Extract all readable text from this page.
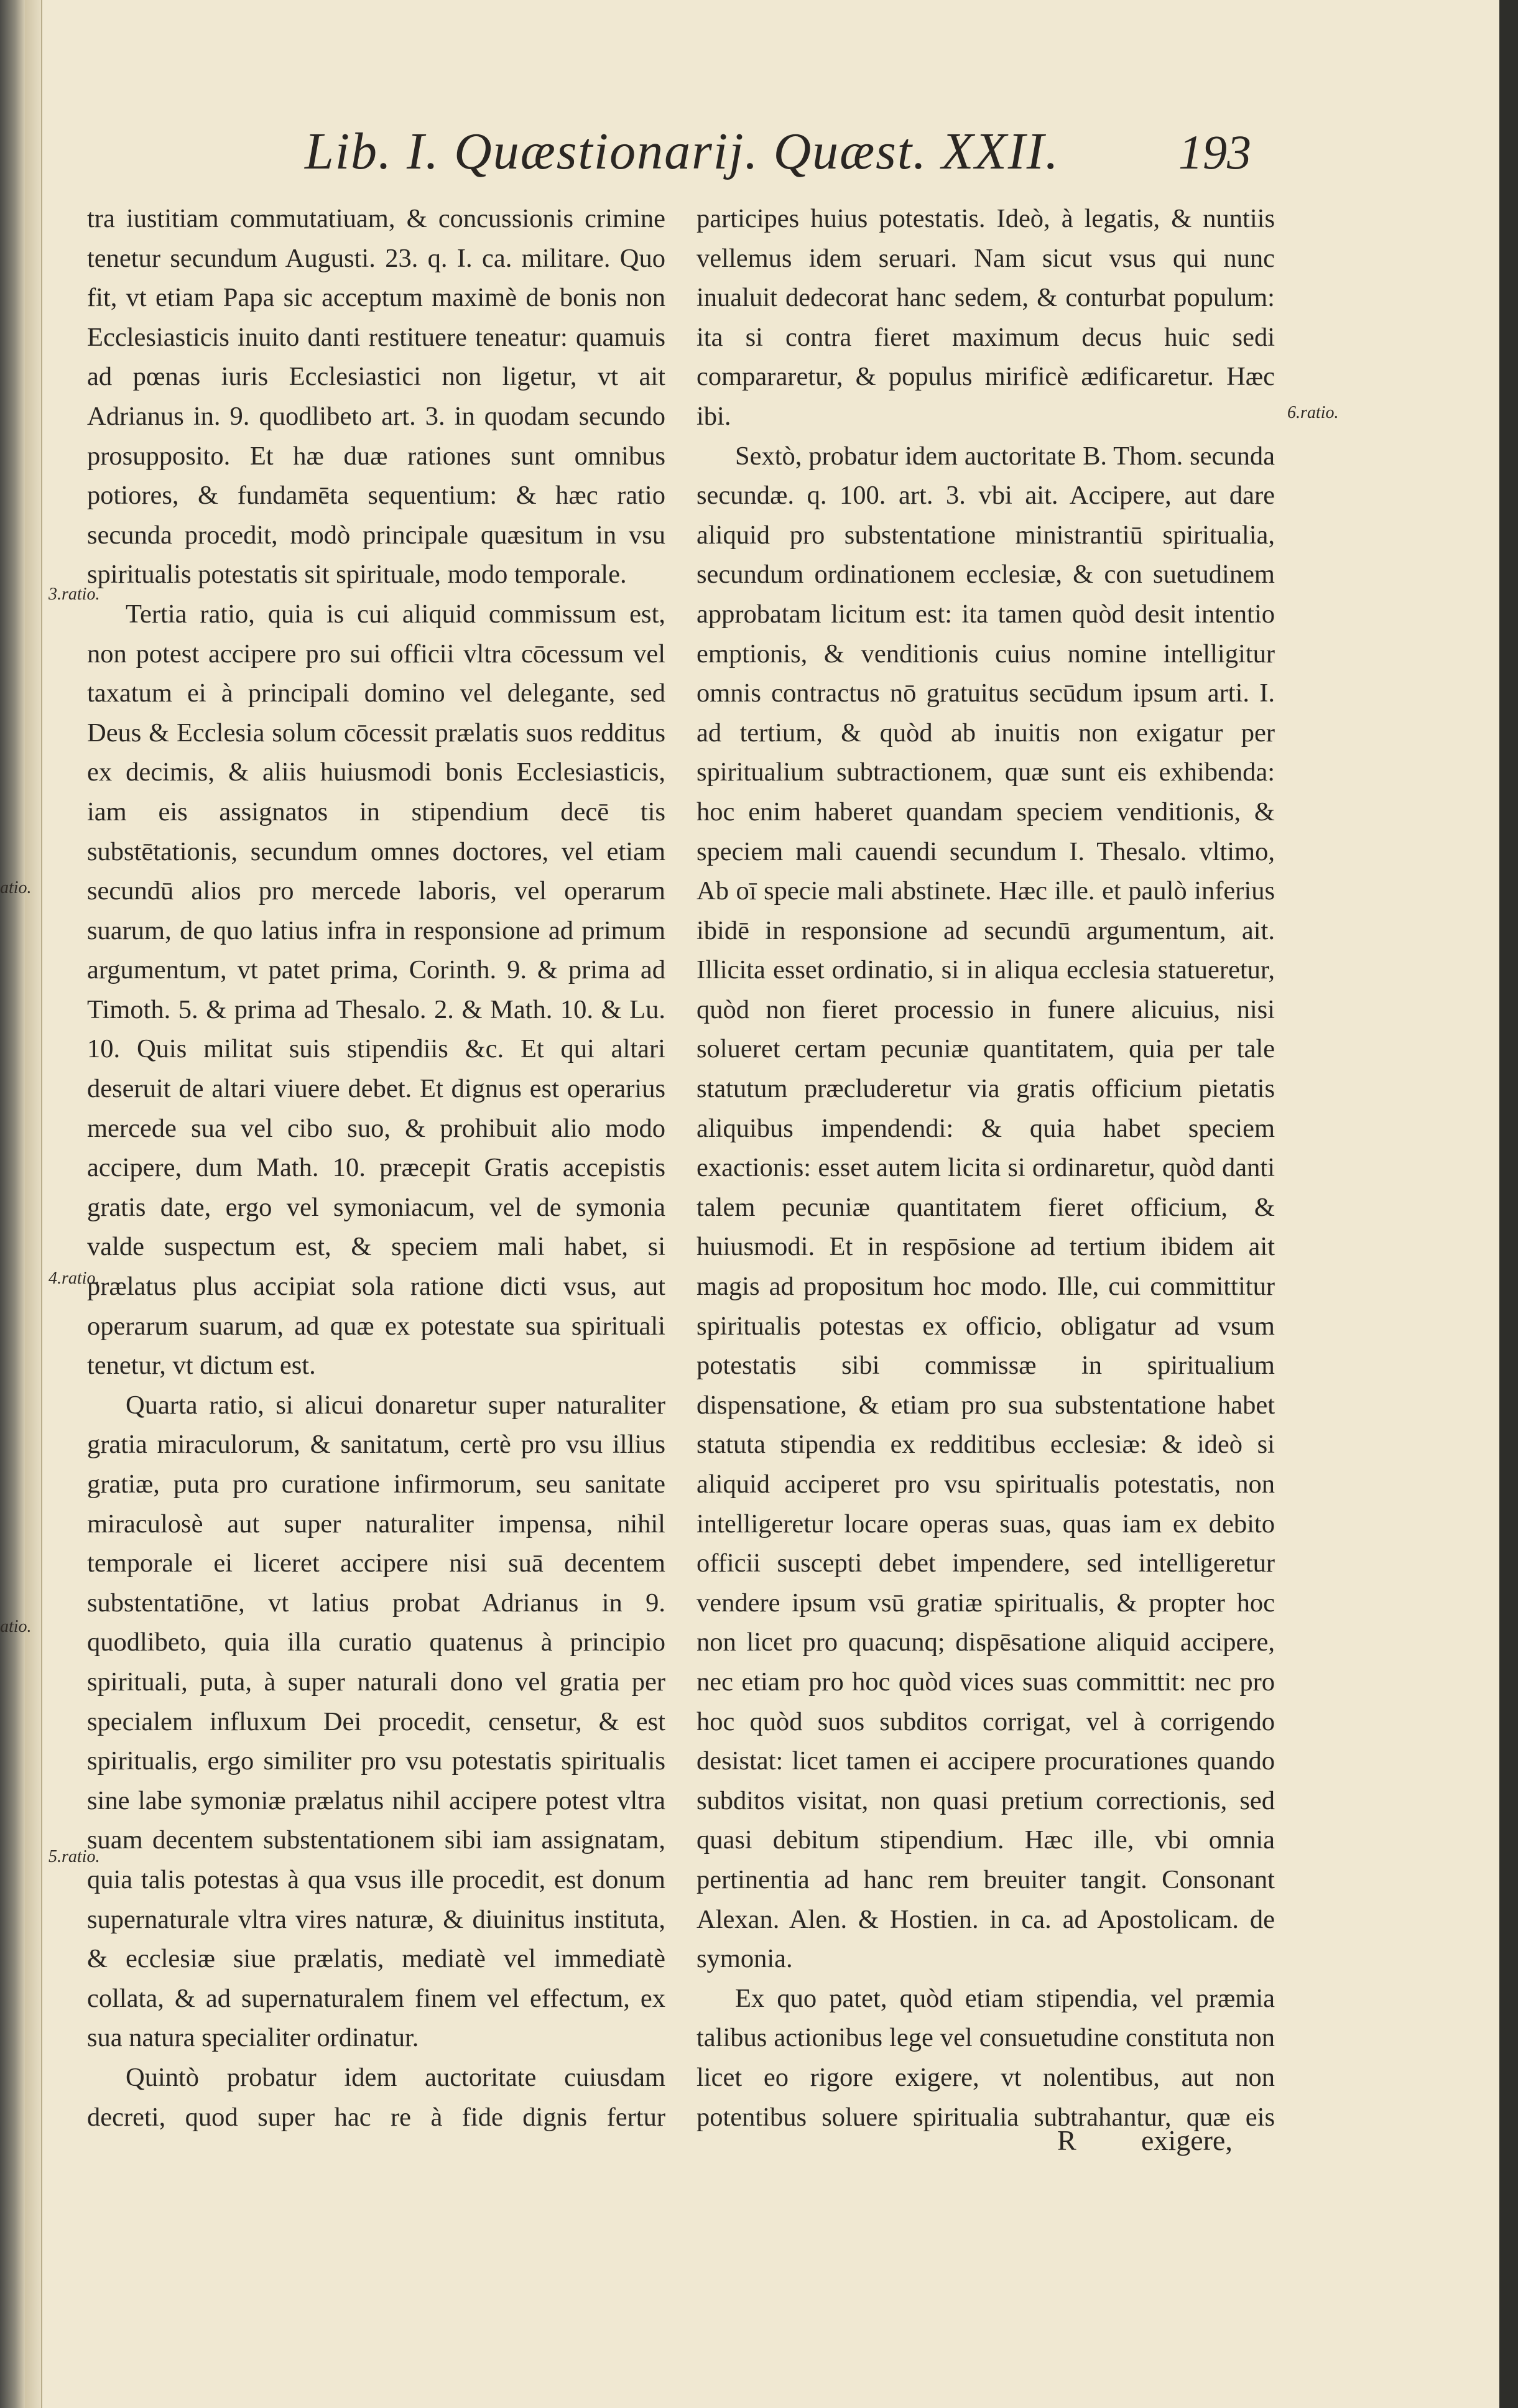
Lib. I. Quæstionarij. Quæst. XXII. 193
3.ratio.
atio.
4.ratio.
atio.
5.ratio.
6.ratio.

tra iustitiam commutatiuam, & concussionis crimine tenetur secundum Augusti. 23. q. I. ca. militare. Quo fit, vt etiam Papa sic acceptum maximè de bonis non Ecclesiasticis inuito danti restituere teneatur: quamuis ad pœnas iuris Ecclesiastici non ligetur, vt ait Adrianus in. 9. quodlibeto art. 3. in quodam secundo prosupposito. Et hæ duæ rationes sunt omnibus potiores, & fundamēta sequentium: & hæc ratio secunda procedit, modò principale quæsitum in vsu spiritualis potestatis sit spirituale, modo temporale.

Tertia ratio, quia is cui aliquid commissum est, non potest accipere pro sui officii vltra cōcessum vel taxatum ei à principali domino vel delegante, sed Deus & Ecclesia solum cōcessit prælatis suos redditus ex decimis, & aliis huiusmodi bonis Ecclesiasticis, iam eis assignatos in stipendium decē tis substētationis, secundum omnes doctores, vel etiam secundū alios pro mercede laboris, vel operarum suarum, de quo latius infra in responsione ad primum argumentum, vt patet prima, Corinth. 9. & prima ad Timoth. 5. & prima ad Thesalo. 2. & Math. 10. & Lu. 10. Quis militat suis stipendiis &c. Et qui altari deseruit de altari viuere debet. Et dignus est operarius mercede sua vel cibo suo, & prohibuit alio modo accipere, dum Math. 10. præcepit Gratis accepistis gratis date, ergo vel symoniacum, vel de symonia valde suspectum est, & speciem mali habet, si prælatus plus accipiat sola ratione dicti vsus, aut operarum suarum, ad quæ ex potestate sua spirituali tenetur, vt dictum est.

Quarta ratio, si alicui donaretur super naturaliter gratia miraculorum, & sanitatum, certè pro vsu illius gratiæ, puta pro curatione infirmorum, seu sanitate miraculosè aut super naturaliter impensa, nihil temporale ei liceret accipere nisi suā decentem substentatiōne, vt latius probat Adrianus in 9. quodlibeto, quia illa curatio quatenus à principio spirituali, puta, à super naturali dono vel gratia per specialem influxum Dei procedit, censetur, & est spiritualis, ergo similiter pro vsu potestatis spiritualis sine labe symoniæ prælatus nihil accipere potest vltra suam decentem substentationem sibi iam assignatam, quia talis potestas à qua vsus ille procedit, est donum supernaturale vltra vires naturæ, & diuinitus instituta, & ecclesiæ siue prælatis, mediatè vel immediatè collata, & ad supernaturalem finem vel effectum, ex sua natura specialiter ordinatur.

Quintò probatur idem auctoritate cuiusdam decreti, quod super hac re à fide dignis fertur

participes huius potestatis. Ideò, à legatis, & nuntiis vellemus idem seruari. Nam sicut vsus qui nunc inualuit dedecorat hanc sedem, & conturbat populum: ita si contra fieret maximum decus huic sedi compararetur, & populus mirificè ædificaretur. Hæc ibi.

Sextò, probatur idem auctoritate B. Thom. secunda secundæ. q. 100. art. 3. vbi ait. Accipere, aut dare aliquid pro substentatione ministrantiū spiritualia, secundum ordinationem ecclesiæ, & con suetudinem approbatam licitum est: ita tamen quòd desit intentio emptionis, & venditionis cuius nomine intelligitur omnis contractus nō gratuitus secūdum ipsum arti. I. ad tertium, & quòd ab inuitis non exigatur per spiritualium subtractionem, quæ sunt eis exhibenda: hoc enim haberet quandam speciem venditionis, & speciem mali cauendi secundum I. Thesalo. vltimo, Ab oī specie mali abstinete. Hæc ille. et paulò inferius ibidē in responsione ad secundū argumentum, ait. Illicita esset ordinatio, si in aliqua ecclesia statueretur, quòd non fieret processio in funere alicuius, nisi solueret certam pecuniæ quantitatem, quia per tale statutum præcluderetur via gratis officium pietatis aliquibus impendendi: & quia habet speciem exactionis: esset autem licita si ordinaretur, quòd danti talem pecuniæ quantitatem fieret officium, & huiusmodi. Et in respōsione ad tertium ibidem ait magis ad propositum hoc modo. Ille, cui committitur spiritualis potestas ex officio, obligatur ad vsum potestatis sibi commissæ in spiritualium dispensatione, & etiam pro sua substentatione habet statuta stipendia ex redditibus ecclesiæ: & ideò si aliquid acciperet pro vsu spiritualis potestatis, non intelligeretur locare operas suas, quas iam ex debito officii suscepti debet impendere, sed intelligeretur vendere ipsum vsū gratiæ spiritualis, & propter hoc non licet pro quacunq; dispēsatione aliquid accipere, nec etiam pro hoc quòd vices suas committit: nec pro hoc quòd suos subditos corrigat, vel à corrigendo desistat: licet tamen ei accipere procurationes quando subditos visitat, non quasi pretium correctionis, sed quasi debitum stipendium. Hæc ille, vbi omnia pertinentia ad hanc rem breuiter tangit. Consonant Alexan. Alen. & Hostien. in ca. ad Apostolicam. de symonia.

Ex quo patet, quòd etiam stipendia, vel præmia talibus actionibus lege vel consuetudine constituta non licet eo rigore exigere, vt nolentibus, aut non potentibus soluere spiritualia subtrahantur, quæ eis

R exigere,
